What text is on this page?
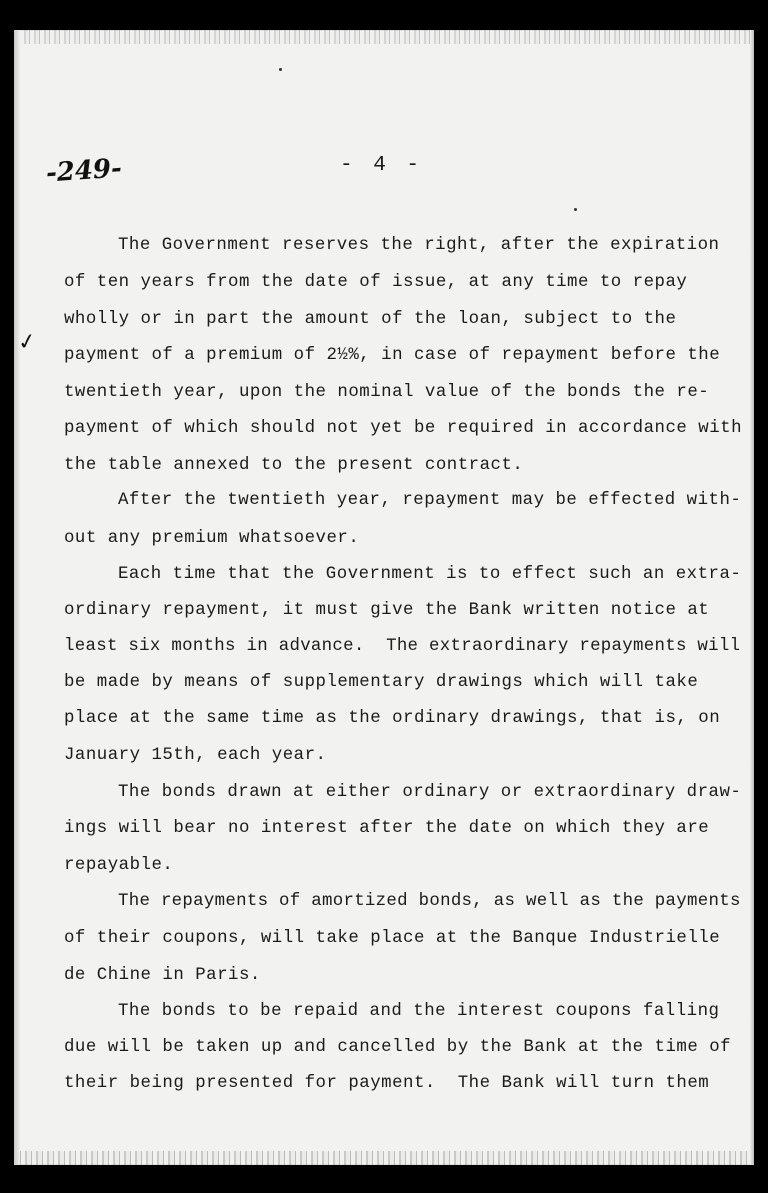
-249-	- 4 -
✓
The Government reserves the right, after the expiration
of ten years from the date of issue, at any time to repay
wholly or in part the amount of the loan, subject to the
payment of a premium of 2½%, in case of repayment before the
twentieth year, upon the nominal value of the bonds the re-
payment of which should not yet be required in accordance with
the table annexed to the present contract.
After the twentieth year, repayment may be effected with-
out any premium whatsoever.
Each time that the Government is to effect such an extra-
ordinary repayment, it must give the Bank written notice at
least six months in advance.  The extraordinary repayments will
be made by means of supplementary drawings which will take
place at the same time as the ordinary drawings, that is, on
January 15th, each year.
The bonds drawn at either ordinary or extraordinary draw-
ings will bear no interest after the date on which they are
repayable.
The repayments of amortized bonds, as well as the payments
of their coupons, will take place at the Banque Industrielle
de Chine in Paris.
The bonds to be repaid and the interest coupons falling
due will be taken up and cancelled by the Bank at the time of
their being presented for payment.  The Bank will turn them
